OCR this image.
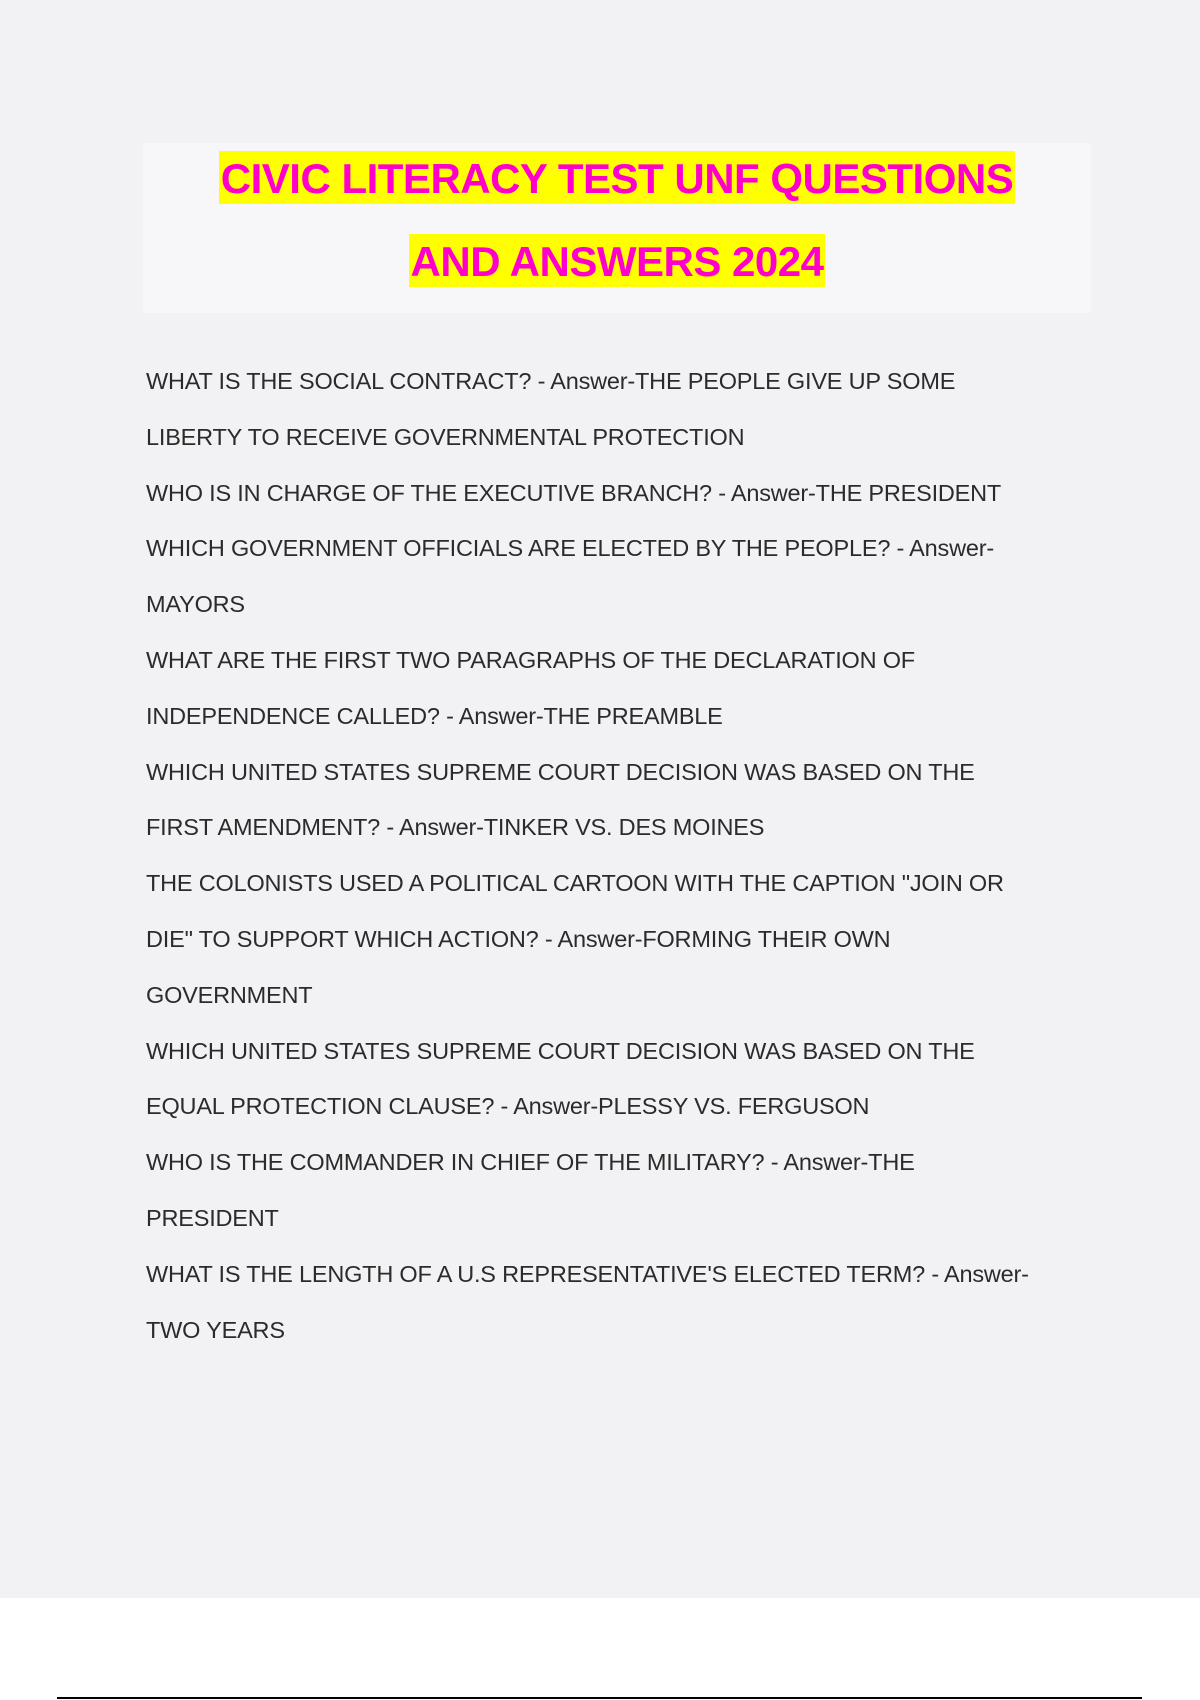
CIVIC LITERACY TEST UNF QUESTIONS
AND ANSWERS 2024
WHAT IS THE SOCIAL CONTRACT? - Answer-THE PEOPLE GIVE UP SOME
LIBERTY TO RECEIVE GOVERNMENTAL PROTECTION
WHO IS IN CHARGE OF THE EXECUTIVE BRANCH? - Answer-THE PRESIDENT
WHICH GOVERNMENT OFFICIALS ARE ELECTED BY THE PEOPLE? - Answer-
MAYORS
WHAT ARE THE FIRST TWO PARAGRAPHS OF THE DECLARATION OF
INDEPENDENCE CALLED? - Answer-THE PREAMBLE
WHICH UNITED STATES SUPREME COURT DECISION WAS BASED ON THE
FIRST AMENDMENT? - Answer-TINKER VS. DES MOINES
THE COLONISTS USED A POLITICAL CARTOON WITH THE CAPTION "JOIN OR
DIE" TO SUPPORT WHICH ACTION? - Answer-FORMING THEIR OWN
GOVERNMENT
WHICH UNITED STATES SUPREME COURT DECISION WAS BASED ON THE
EQUAL PROTECTION CLAUSE? - Answer-PLESSY VS. FERGUSON
WHO IS THE COMMANDER IN CHIEF OF THE MILITARY? - Answer-THE
PRESIDENT
WHAT IS THE LENGTH OF A U.S REPRESENTATIVE'S ELECTED TERM? - Answer-
TWO YEARS
